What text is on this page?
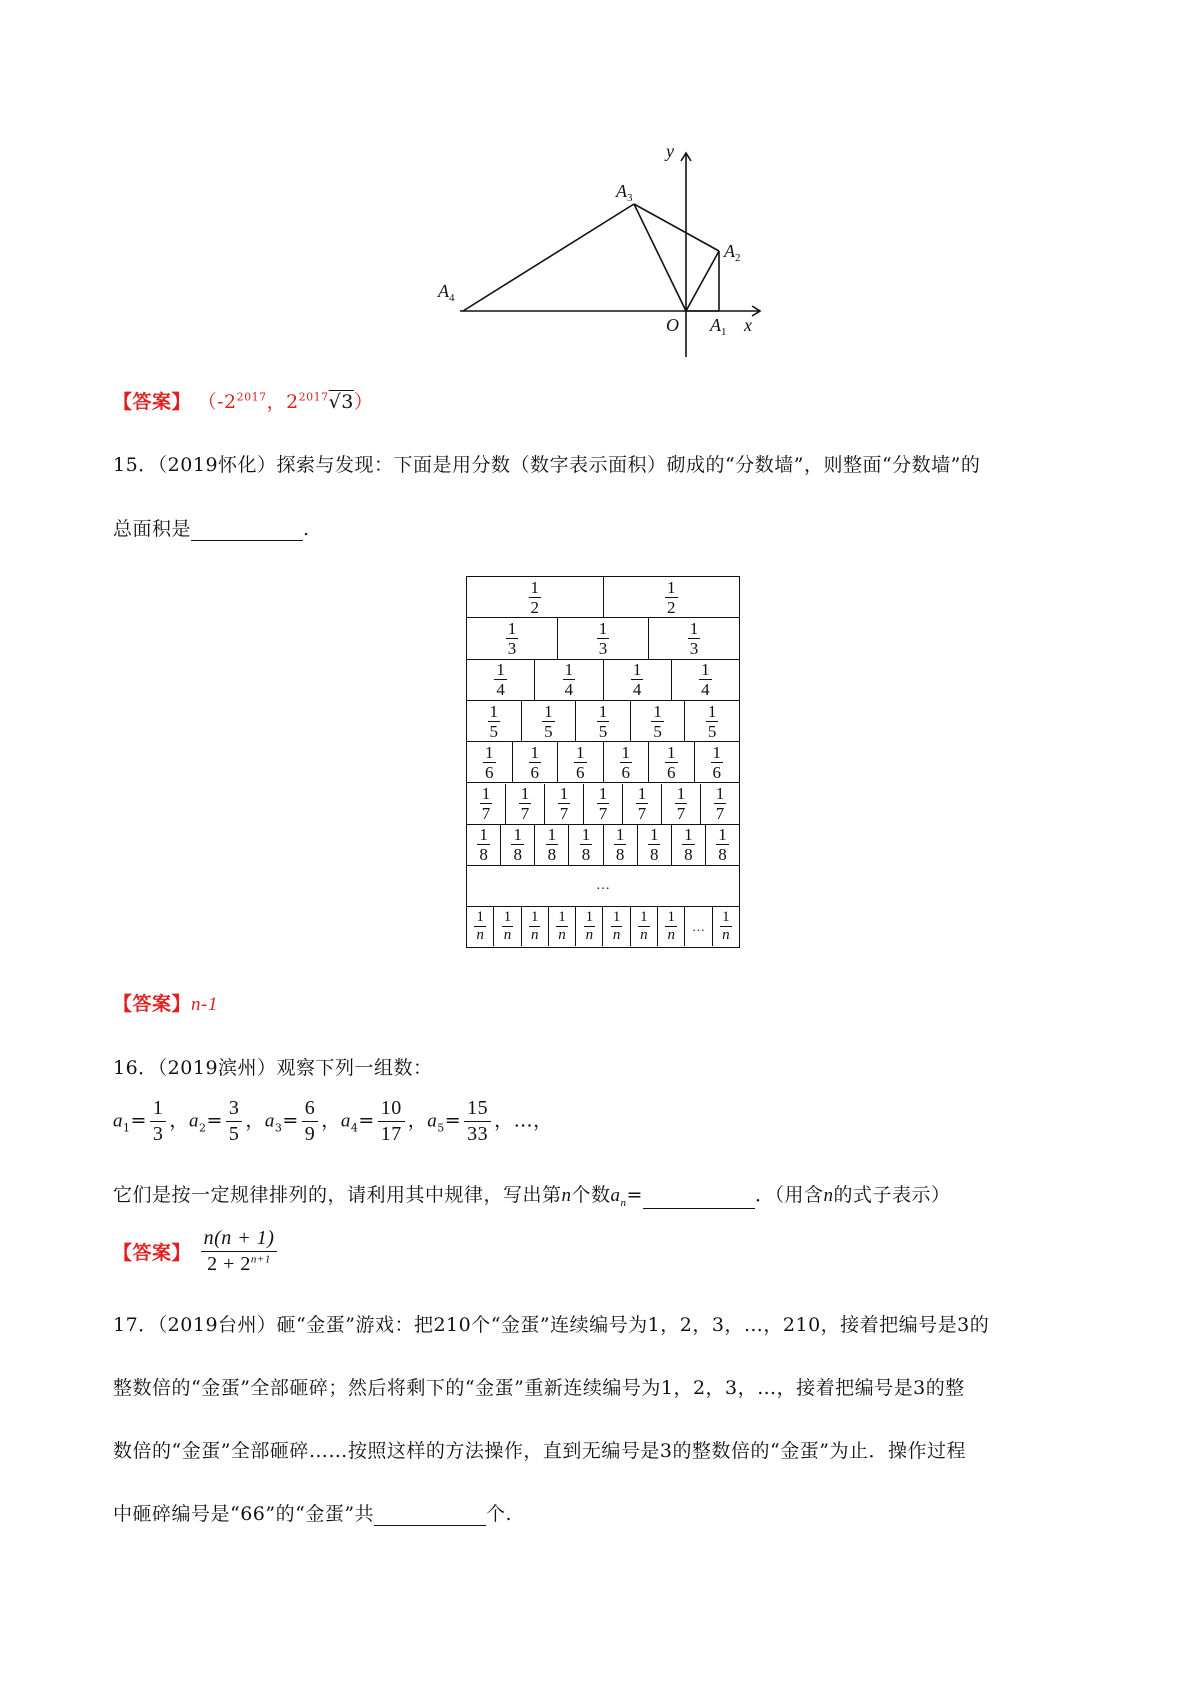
y
x
O $A_1$
$A_2$
$A_3$
$A_4$
【答案】 （$-2^{2017}$，$2^{2017}√3$）
15．（2019怀化）探索与发现：下面是用分数（数字表示面积）砌成的“分数墙”，则整面“分数墙”的
总面积是	.
$\frac{1}{2}$	$\frac{1}{2}$
$\frac{1}{3}$	$\frac{1}{3}$	$\frac{1}{3}$
$\frac{1}{4}$	$\frac{1}{4}$	$\frac{1}{4}$	$\frac{1}{4}$
$\frac{1}{5} \frac{1}{5} \frac{1}{5} \frac{1}{5} \frac{1}{5}$
$\frac{1}{6} \frac{1}{6} \frac{1}{6} \frac{1}{6} \frac{1}{6} \frac{1}{6}$
$\frac{1}{7} \frac{1}{7} \frac{1}{7} \frac{1}{7} \frac{1}{7} \frac{1}{7} \frac{1}{7}$
$\frac{1}{8} \frac{1}{8} \frac{1}{8} \frac{1}{8} \frac{1}{8} \frac{1}{8} \frac{1}{8} \frac{1}{8}$
…
$\frac{1}{n} \frac{1}{n} \frac{1}{n} \frac{1}{n} \frac{1}{n} \frac{1}{n} \frac{1}{n} \frac{1}{n}$ … $\frac{1}{n}$
【答案】n-1
16．（2019滨州）观察下列一组数：
$a_1= \frac{1}{3}$ ，$a_2= \frac{3}{5}$ ，$a_3= \frac{6}{9}$ ，$a_4= \frac{10}{17}$ ，$a_5= \frac{15}{33}$ ，…，
它们是按一定规律排列的，请利用其中规律，写出第n个数$a_n=$	．（用含n的式子表示）
【答案】 $\frac{n(n + 1)}{2 + 2^{n+1}}$
17．（2019台州）砸“金蛋”游戏：把210个“金蛋”连续编号为1，2，3，…，210，接着把编号是3的
整数倍的“金蛋”全部砸碎；然后将剩下的“金蛋”重新连续编号为1，2，3，…，接着把编号是3的整
数倍的“金蛋”全部砸碎……按照这样的方法操作，直到无编号是3的整数倍的“金蛋”为止．操作过程
中砸碎编号是“66”的“金蛋”共	个.
